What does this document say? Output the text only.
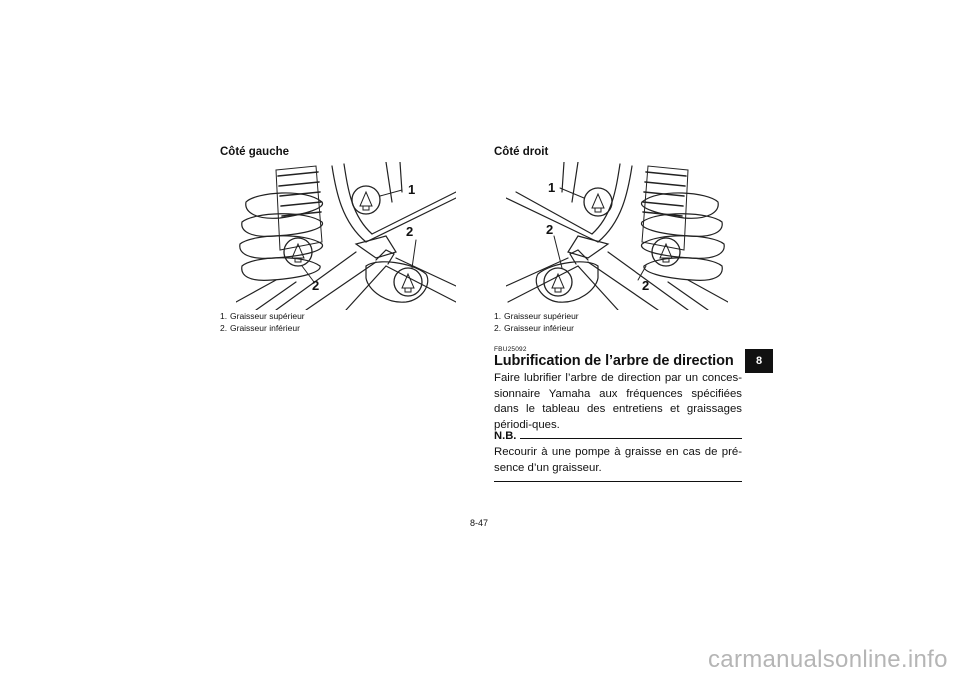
Côté gauche
1
2
2
1. Graisseur supérieur
2. Graisseur inférieur
Côté droit
1
2
2
1. Graisseur supérieur
2. Graisseur inférieur
FBU25092
Lubrification de l’arbre de direction
Faire lubrifier l’arbre de direction par un conces-sionnaire Yamaha aux fréquences spécifiées dans le tableau des entretiens et graissages périodi-ques.
N.B.
Recourir à une pompe à graisse en cas de pré-sence d’un graisseur.
8
8-47
carmanualsonline.info
